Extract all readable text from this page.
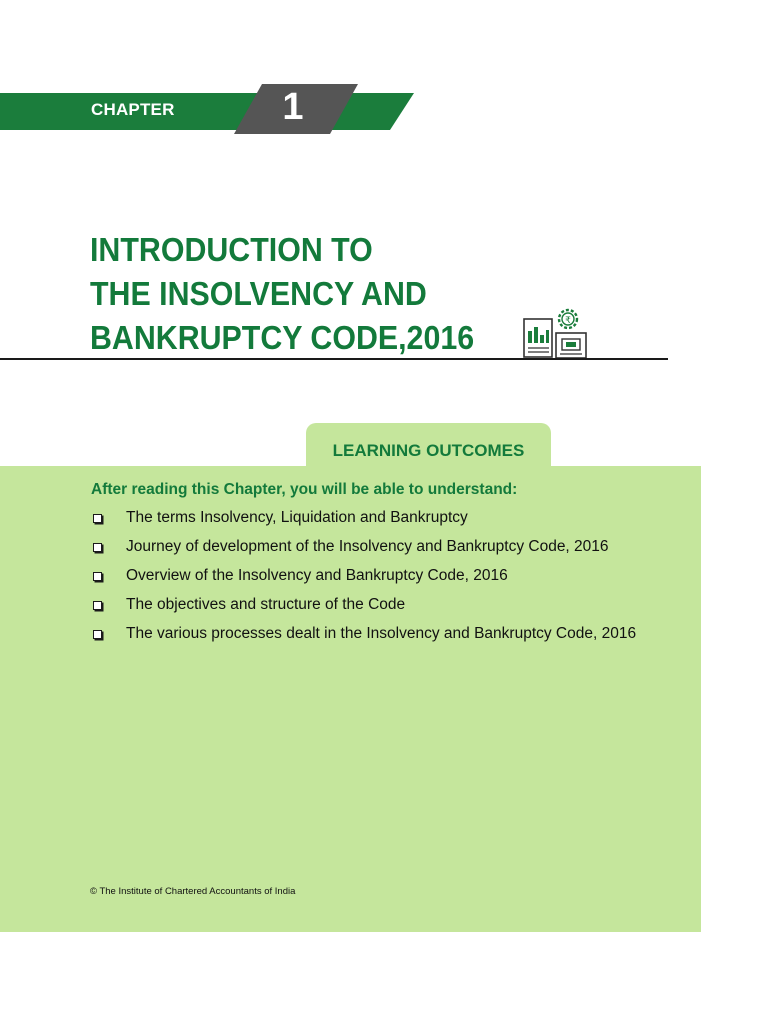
CHAPTER	1
INTRODUCTION TO
THE INSOLVENCY AND
BANKRUPTCY CODE,2016	₹
LEARNING OUTCOMES
After reading this Chapter, you will be able to understand:
The terms Insolvency, Liquidation and Bankruptcy
Journey of development of the Insolvency and Bankruptcy Code, 2016
Overview of the Insolvency and Bankruptcy Code, 2016
The objectives and structure of the Code
The various processes dealt in the Insolvency and Bankruptcy Code, 2016
© The Institute of Chartered Accountants of India
